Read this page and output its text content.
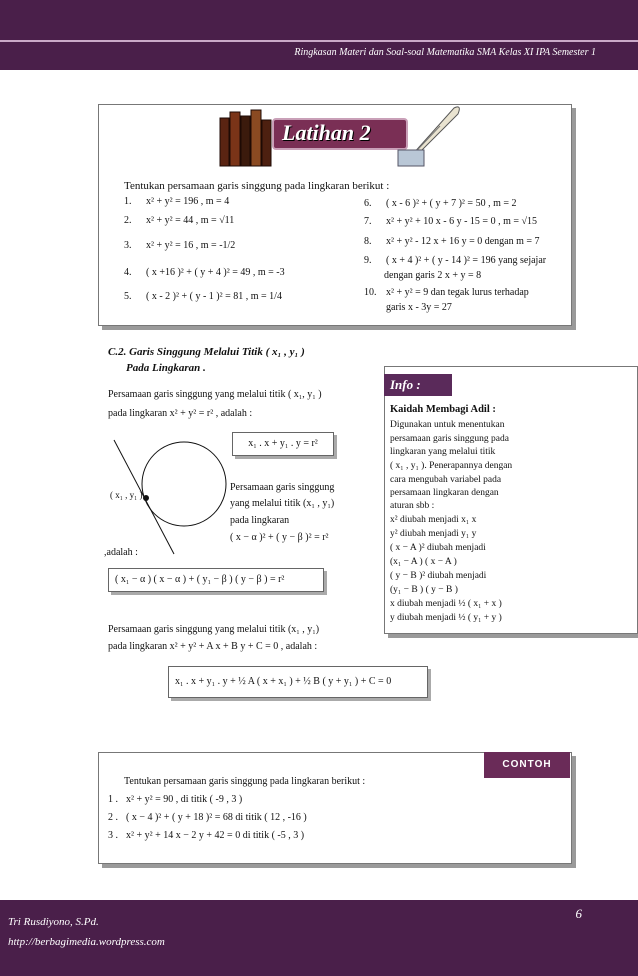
Ringkasan Materi dan Soal-soal Matematika SMA Kelas XI IPA Semester 1
Latihan 2
Tentukan persamaan garis singgung pada lingkaran berikut :
1. x² + y² = 196 , m = 4
2. x² + y² = 44 , m = √11
3. x² + y² = 16 , m = -1/2
4. ( x +16 )² + ( y + 4 )² = 49 , m = -3
5. ( x - 2 )² + ( y - 1 )² = 81 , m = 1/4
6. ( x - 6 )² + ( y + 7 )² = 50 , m = 2
7. x² + y² + 10 x - 6 y - 15 = 0 , m = √15
8. x² + y² - 12 x + 16 y = 0 dengan m = 7
9. ( x + 4 )² + ( y - 14 )² = 196 yang sejajar
dengan garis 2 x + y = 8
10. x² + y² = 9 dan tegak lurus terhadap
garis x - 3y = 27
C.2. Garis Singgung Melalui Titik ( x₁ , y₁ )
Pada Lingkaran .
Persamaan garis singgung yang melalui titik ( x₁, y₁ )
pada lingkaran x² + y² = r² , adalah :
x₁ . x + y₁ . y = r²
( x₁ , y₁ )
Persamaan garis singgung
yang melalui titik (x₁ , y₁)
pada lingkaran
( x − α )² + ( y − β )² = r²
,adalah :
( x₁ − α ) ( x − α ) + ( y₁ − β ) ( y − β ) = r²
Persamaan garis singgung yang melalui titik (x₁ , y₁)
pada lingkaran x² + y² + A x + B y + C = 0 , adalah :
x₁ . x + y₁ . y + ½ A ( x + x₁ ) + ½ B ( y + y₁ ) + C = 0
Info :
Kaidah Membagi Adil :
Digunakan untuk menentukan
persamaan garis singgung pada
lingkaran yang melalui titik
( x₁ , y₁ ). Penerapannya dengan
cara mengubah variabel pada
persamaan lingkaran dengan
aturan sbb :
x² diubah menjadi x₁ x
y² diubah menjadi y₁ y
( x − A )² diubah menjadi
(x₁ − A ) ( x − A )
( y − B )² diubah menjadi
(y₁ − B ) ( y − B )
x diubah menjadi ½ ( x₁ + x )
y diubah menjadi ½ ( y₁ + y )
CONTOH
Tentukan persamaan garis singgung pada lingkaran berikut :
1 . x² + y² = 90 , di titik ( -9 , 3 )
2 . ( x − 4 )² + ( y + 18 )² = 68 di titik ( 12 , -16 )
3 . x² + y² + 14 x − 2 y + 42 = 0 di titik ( -5 , 3 )
Tri Rusdiyono, S.Pd.
http://berbagimedia.wordpress.com
6
